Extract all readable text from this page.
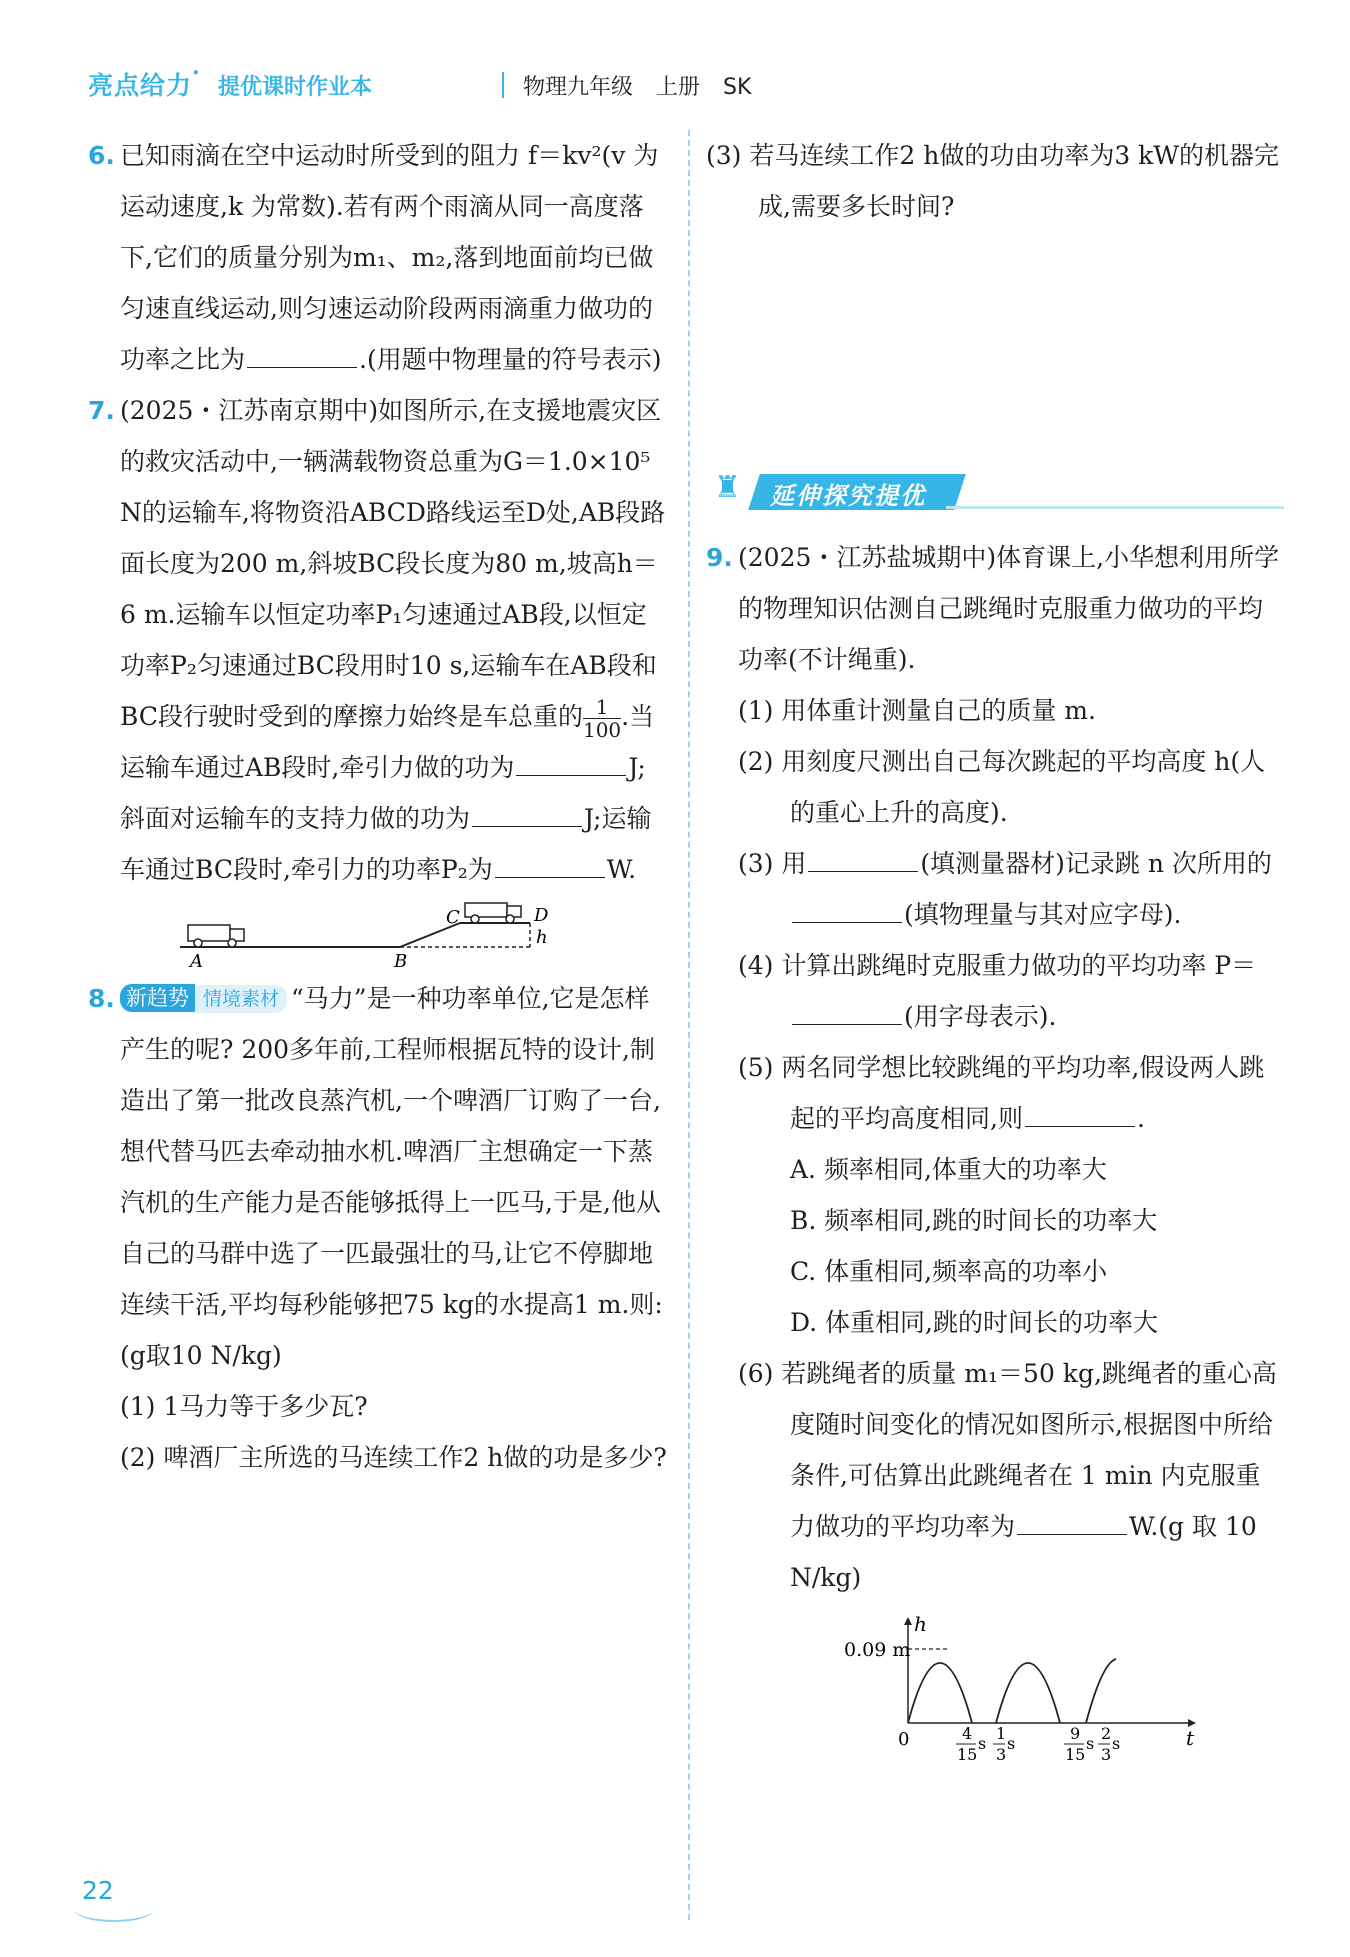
亮点给力•
提优课时作业本	物理九年级 上册 SK
6. 已知雨滴在空中运动时所受到的阻力 f＝kv²(v 为运动速度,k 为常数).若有两个雨滴从同一高度落下,它们的质量分别为m₁、m₂,落到地面前均已做匀速直线运动,则匀速运动阶段两雨滴重力做功的功率之比为	.(用题中物理量的符号表示)

7. (2025・江苏南京期中)如图所示,在支援地震灾区的救灾活动中,一辆满载物资总重为G＝1.0×10⁵ N的运输车,将物资沿ABCD路线运至D处,AB段路面长度为200 m,斜坡BC段长度为80 m,坡高h＝6 m.运输车以恒定功率P₁匀速通过AB段,以恒定功率P₂匀速通过BC段用时10 s,运输车在AB段和BC段行驶时受到的摩擦力始终是车总重的 $\frac{1}{100}$ .当运输车通过AB段时,牵引力做的功为	J;斜面对运输车的支持力做的功为	J;运输车通过BC段时,牵引力的功率P₂为	W.

A	B
C	D
h
8. 新趋势 情境素材 “马力”是一种功率单位,它是怎样产生的呢? 200多年前,工程师根据瓦特的设计,制造出了第一批改良蒸汽机,一个啤酒厂订购了一台,想代替马匹去牵动抽水机.啤酒厂主想确定一下蒸汽机的生产能力是否能够抵得上一匹马,于是,他从自己的马群中选了一匹最强壮的马,让它不停脚地连续干活,平均每秒能够把75 kg的水提高1 m.则:(g取10 N/kg)

(1) 1马力等于多少瓦?

(2) 啤酒厂主所选的马连续工作2 h做的功是多少?

(3) 若马连续工作2 h做的功由功率为3 kW的机器完成,需要多长时间?

♜ 延伸探究提优
9. (2025・江苏盐城期中)体育课上,小华想利用所学的物理知识估测自己跳绳时克服重力做功的平均功率(不计绳重).

(1) 用体重计测量自己的质量 m.

(2) 用刻度尺测出自己每次跳起的平均高度 h(人的重心上升的高度).

(3) 用	(填测量器材)记录跳 n 次所用的(填物理量与其对应字母).

(4) 计算出跳绳时克服重力做功的平均功率 P＝(用字母表示).

(5) 两名同学想比较跳绳的平均功率,假设两人跳起的平均高度相同,则	.

A. 频率相同,体重大的功率大

B. 频率相同,跳的时间长的功率大

C. 体重相同,频率高的功率小

D. 体重相同,跳的时间长的功率大

(6) 若跳绳者的质量 m₁＝50 kg,跳绳者的重心高度随时间变化的情况如图所示,根据图中所给条件,可估算出此跳绳者在 1 min 内克服重力做功的平均功率为	W.(g 取 10 N/kg)

h
t
0.09 m
0	4
15
s
1
3
s
9
15
s
2
3
s
22
